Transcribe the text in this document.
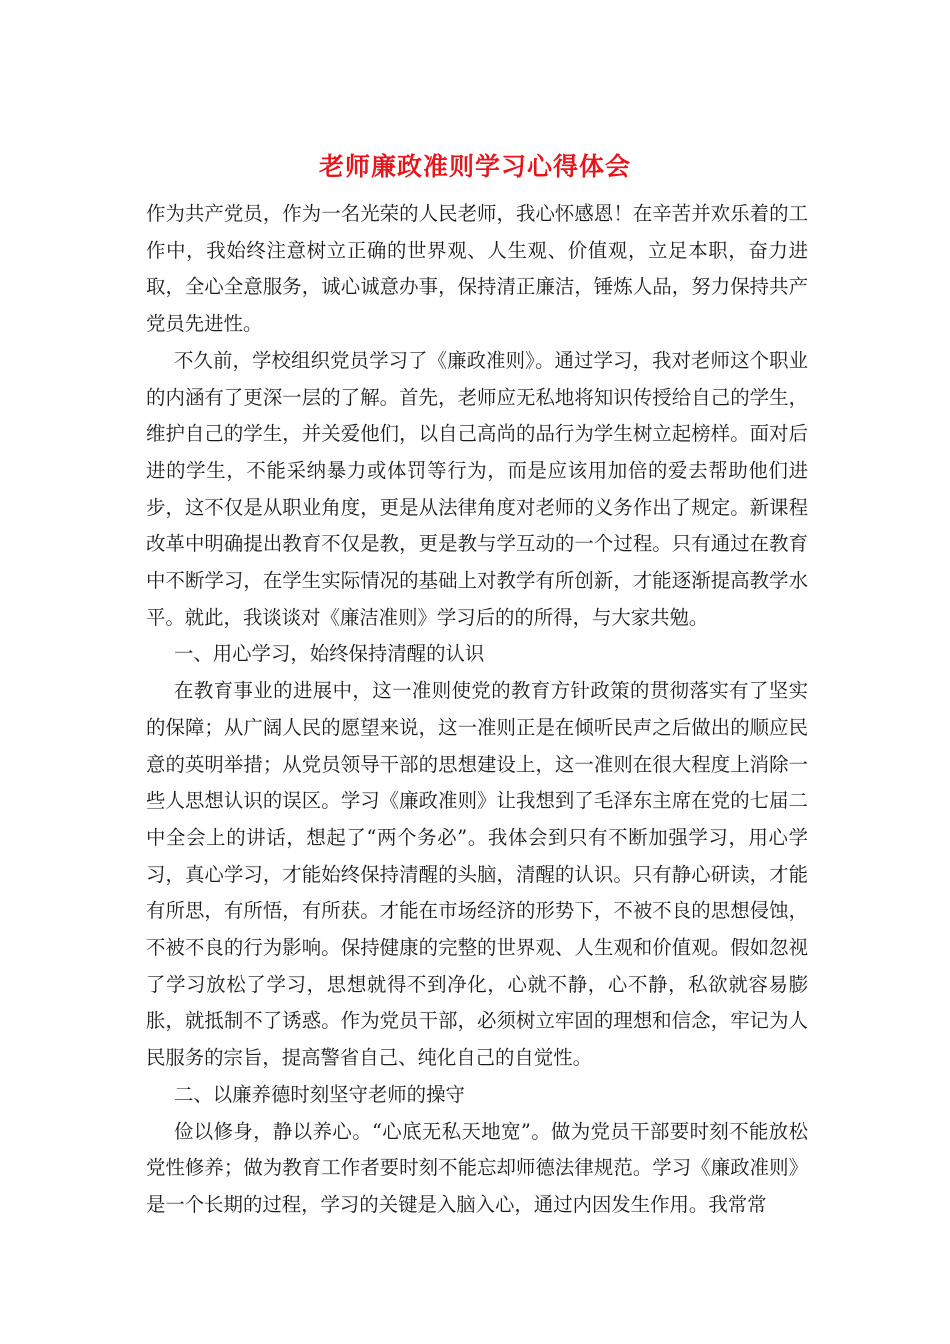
老师廉政准则学习心得体会

作为共产党员，作为一名光荣的人民老师，我心怀感恩！在辛苦并欢乐着的工作中，我始终注意树立正确的世界观、人生观、价值观，立足本职，奋力进取，全心全意服务，诚心诚意办事，保持清正廉洁，锤炼人品，努力保持共产党员先进性。

不久前，学校组织党员学习了《廉政准则》。通过学习，我对老师这个职业的内涵有了更深一层的了解。首先，老师应无私地将知识传授给自己的学生，维护自己的学生，并关爱他们，以自己高尚的品行为学生树立起榜样。面对后进的学生，不能采纳暴力或体罚等行为，而是应该用加倍的爱去帮助他们进步，这不仅是从职业角度，更是从法律角度对老师的义务作出了规定。新课程改革中明确提出教育不仅是教，更是教与学互动的一个过程。只有通过在教育中不断学习，在学生实际情况的基础上对教学有所创新，才能逐渐提高教学水平。就此，我谈谈对《廉洁准则》学习后的的所得，与大家共勉。

一、用心学习，始终保持清醒的认识

在教育事业的进展中，这一准则使党的教育方针政策的贯彻落实有了坚实的保障；从广阔人民的愿望来说，这一准则正是在倾听民声之后做出的顺应民意的英明举措；从党员领导干部的思想建设上，这一准则在很大程度上消除一些人思想认识的误区。学习《廉政准则》让我想到了毛泽东主席在党的七届二中全会上的讲话，想起了“两个务必”。我体会到只有不断加强学习，用心学习，真心学习，才能始终保持清醒的头脑，清醒的认识。只有静心研读，才能有所思，有所悟，有所获。才能在市场经济的形势下，不被不良的思想侵蚀，不被不良的行为影响。保持健康的完整的世界观、人生观和价值观。假如忽视了学习放松了学习，思想就得不到净化，心就不静，心不静，私欲就容易膨胀，就抵制不了诱惑。作为党员干部，必须树立牢固的理想和信念，牢记为人民服务的宗旨，提高警省自己、纯化自己的自觉性。

二、以廉养德时刻坚守老师的操守

俭以修身，静以养心。“心底无私天地宽”。做为党员干部要时刻不能放松党性修养；做为教育工作者要时刻不能忘却师德法律规范。学习《廉政准则》是一个长期的过程，学习的关键是入脑入心，通过内因发生作用。我常常
